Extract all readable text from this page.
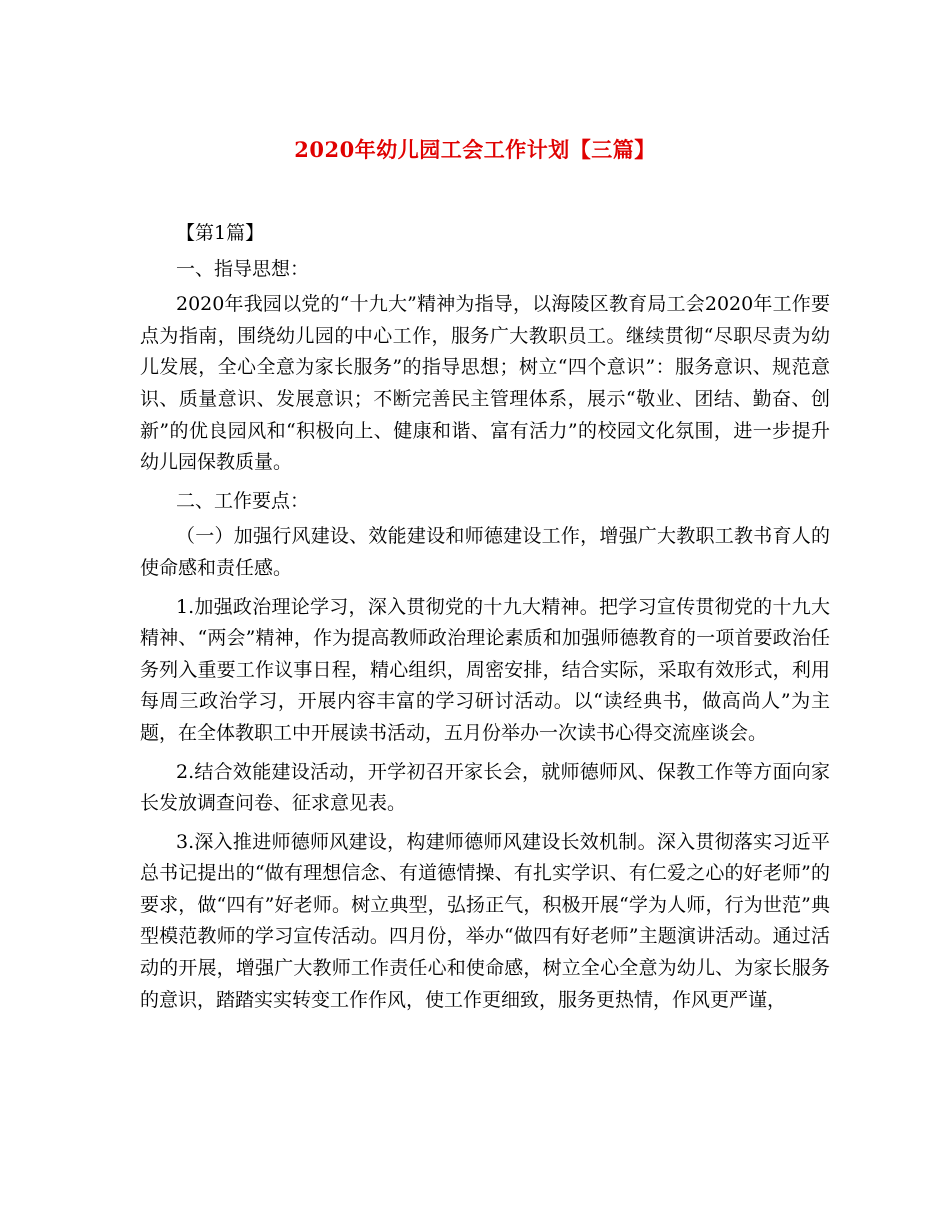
2020年幼儿园工会工作计划【三篇】

【第1篇】

一、指导思想：

2020年我园以党的“十九大”精神为指导，以海陵区教育局工会2020年工作要点为指南，围绕幼儿园的中心工作，服务广大教职员工。继续贯彻“尽职尽责为幼儿发展，全心全意为家长服务”的指导思想；树立“四个意识”：服务意识、规范意识、质量意识、发展意识；不断完善民主管理体系，展示“敬业、团结、勤奋、创新”的优良园风和“积极向上、健康和谐、富有活力”的校园文化氛围，进一步提升幼儿园保教质量。

二、工作要点：

（一）加强行风建设、效能建设和师德建设工作，增强广大教职工教书育人的使命感和责任感。

1.加强政治理论学习，深入贯彻党的十九大精神。把学习宣传贯彻党的十九大精神、“两会”精神，作为提高教师政治理论素质和加强师德教育的一项首要政治任务列入重要工作议事日程，精心组织，周密安排，结合实际，采取有效形式，利用每周三政治学习，开展内容丰富的学习研讨活动。以“读经典书，做高尚人”为主题，在全体教职工中开展读书活动，五月份举办一次读书心得交流座谈会。

2.结合效能建设活动，开学初召开家长会，就师德师风、保教工作等方面向家长发放调查问卷、征求意见表。

3.深入推进师德师风建设，构建师德师风建设长效机制。深入贯彻落实习近平总书记提出的“做有理想信念、有道德情操、有扎实学识、有仁爱之心的好老师”的要求，做“四有”好老师。树立典型，弘扬正气，积极开展“学为人师，行为世范”典型模范教师的学习宣传活动。四月份，举办“做四有好老师”主题演讲活动。通过活动的开展，增强广大教师工作责任心和使命感，树立全心全意为幼儿、为家长服务的意识，踏踏实实转变工作作风，使工作更细致，服务更热情，作风更严谨，
